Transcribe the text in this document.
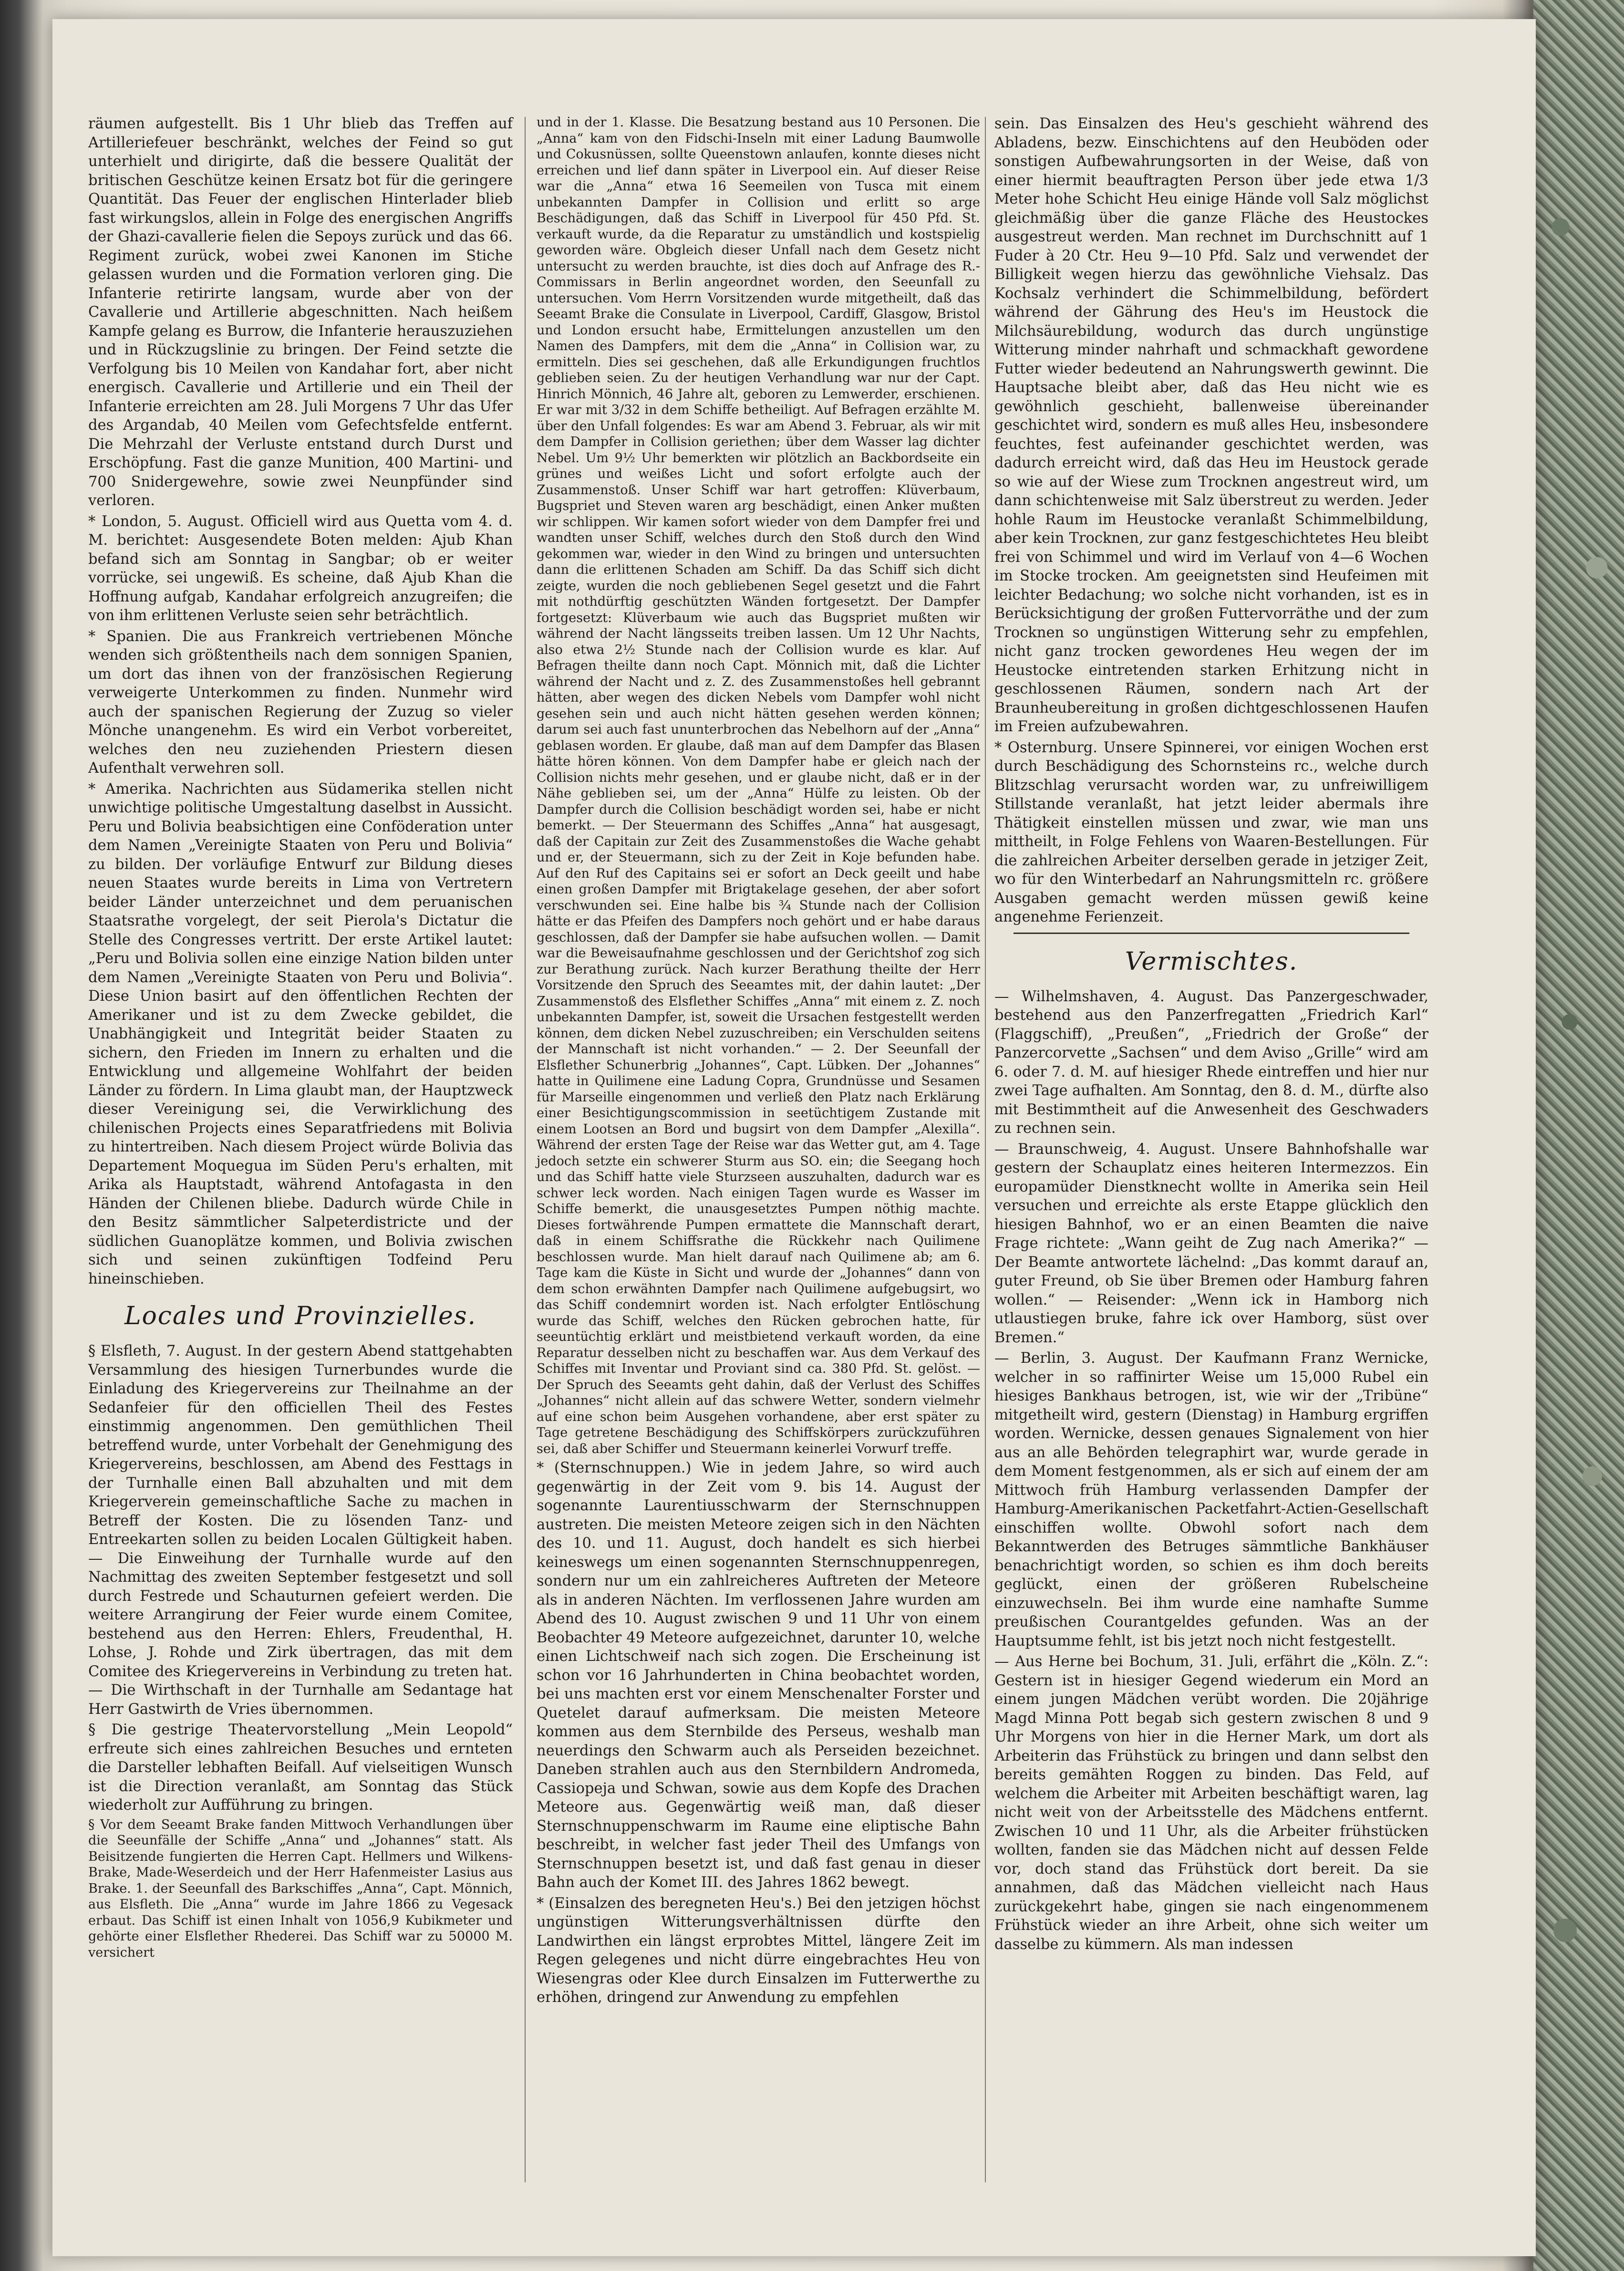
räumen aufgestellt. Bis 1 Uhr blieb das Treffen auf Artilleriefeuer beschränkt, welches der Feind so gut unterhielt und dirigirte, daß die bessere Qualität der britischen Geschütze keinen Ersatz bot für die geringere Quantität. Das Feuer der englischen Hinterlader blieb fast wirkungslos, allein in Folge des energischen Angriffs der Ghazi-cavallerie fielen die Sepoys zurück und das 66. Regiment zurück, wobei zwei Kanonen im Stiche gelassen wurden und die Formation verloren ging. Die Infanterie retirirte langsam, wurde aber von der Cavallerie und Artillerie abgeschnitten. Nach heißem Kampfe gelang es Burrow, die Infanterie herauszuziehen und in Rückzugslinie zu bringen. Der Feind setzte die Verfolgung bis 10 Meilen von Kandahar fort, aber nicht energisch. Cavallerie und Artillerie und ein Theil der Infanterie erreichten am 28. Juli Morgens 7 Uhr das Ufer des Argandab, 40 Meilen vom Gefechtsfelde entfernt. Die Mehrzahl der Verluste entstand durch Durst und Erschöpfung. Fast die ganze Munition, 400 Martini- und 700 Snidergewehre, sowie zwei Neunpfünder sind verloren.

* London, 5. August. Officiell wird aus Quetta vom 4. d. M. berichtet: Ausgesendete Boten melden: Ajub Khan befand sich am Sonntag in Sangbar; ob er weiter vorrücke, sei ungewiß. Es scheine, daß Ajub Khan die Hoffnung aufgab, Kandahar erfolgreich anzugreifen; die von ihm erlittenen Verluste seien sehr beträchtlich.

* Spanien. Die aus Frankreich vertriebenen Mönche wenden sich größtentheils nach dem sonnigen Spanien, um dort das ihnen von der französischen Regierung verweigerte Unterkommen zu finden. Nunmehr wird auch der spanischen Regierung der Zuzug so vieler Mönche unangenehm. Es wird ein Verbot vorbereitet, welches den neu zuziehenden Priestern diesen Aufenthalt verwehren soll.

* Amerika. Nachrichten aus Südamerika stellen nicht unwichtige politische Umgestaltung daselbst in Aussicht. Peru und Bolivia beabsichtigen eine Conföderation unter dem Namen „Vereinigte Staaten von Peru und Bolivia“ zu bilden. Der vorläufige Entwurf zur Bildung dieses neuen Staates wurde bereits in Lima von Vertretern beider Länder unterzeichnet und dem peruanischen Staatsrathe vorgelegt, der seit Pierola's Dictatur die Stelle des Congresses vertritt. Der erste Artikel lautet: „Peru und Bolivia sollen eine einzige Nation bilden unter dem Namen „Vereinigte Staaten von Peru und Bolivia“. Diese Union basirt auf den öffentlichen Rechten der Amerikaner und ist zu dem Zwecke gebildet, die Unabhängigkeit und Integrität beider Staaten zu sichern, den Frieden im Innern zu erhalten und die Entwicklung und allgemeine Wohlfahrt der beiden Länder zu fördern. In Lima glaubt man, der Hauptzweck dieser Vereinigung sei, die Verwirklichung des chilenischen Projects eines Separatfriedens mit Bolivia zu hintertreiben. Nach diesem Project würde Bolivia das Departement Moquegua im Süden Peru's erhalten, mit Arika als Hauptstadt, während Antofagasta in den Händen der Chilenen bliebe. Dadurch würde Chile in den Besitz sämmtlicher Salpeterdistricte und der südlichen Guanoplätze kommen, und Bolivia zwischen sich und seinen zukünftigen Todfeind Peru hineinschieben.

Locales und Provinzielles.

§ Elsfleth, 7. August. In der gestern Abend stattgehabten Versammlung des hiesigen Turnerbundes wurde die Einladung des Kriegervereins zur Theilnahme an der Sedanfeier für den officiellen Theil des Festes einstimmig angenommen. Den gemüthlichen Theil betreffend wurde, unter Vorbehalt der Genehmigung des Kriegervereins, beschlossen, am Abend des Festtags in der Turnhalle einen Ball abzuhalten und mit dem Kriegerverein gemeinschaftliche Sache zu machen in Betreff der Kosten. Die zu lösenden Tanz- und Entreekarten sollen zu beiden Localen Gültigkeit haben. — Die Einweihung der Turnhalle wurde auf den Nachmittag des zweiten September festgesetzt und soll durch Festrede und Schauturnen gefeiert werden. Die weitere Arrangirung der Feier wurde einem Comitee, bestehend aus den Herren: Ehlers, Freudenthal, H. Lohse, J. Rohde und Zirk übertragen, das mit dem Comitee des Kriegervereins in Verbindung zu treten hat. — Die Wirthschaft in der Turnhalle am Sedantage hat Herr Gastwirth de Vries übernommen.

§ Die gestrige Theatervorstellung „Mein Leopold“ erfreute sich eines zahlreichen Besuches und ernteten die Darsteller lebhaften Beifall. Auf vielseitigen Wunsch ist die Direction veranlaßt, am Sonntag das Stück wiederholt zur Aufführung zu bringen.

§ Vor dem Seeamt Brake fanden Mittwoch Verhandlungen über die Seeunfälle der Schiffe „Anna“ und „Johannes“ statt. Als Beisitzende fungierten die Herren Capt. Hellmers und Wilkens-Brake, Made-Weserdeich und der Herr Hafenmeister Lasius aus Brake. 1. der Seeunfall des Barkschiffes „Anna“, Capt. Mönnich, aus Elsfleth. Die „Anna“ wurde im Jahre 1866 zu Vegesack erbaut. Das Schiff ist einen Inhalt von 1056,9 Kubikmeter und gehörte einer Elsflether Rhederei. Das Schiff war zu 50000 M. versichert

und in der 1. Klasse. Die Besatzung bestand aus 10 Personen. Die „Anna“ kam von den Fidschi-Inseln mit einer Ladung Baumwolle und Cokusnüssen, sollte Queenstown anlaufen, konnte dieses nicht erreichen und lief dann später in Liverpool ein. Auf dieser Reise war die „Anna“ etwa 16 Seemeilen von Tusca mit einem unbekannten Dampfer in Collision und erlitt so arge Beschädigungen, daß das Schiff in Liverpool für 450 Pfd. St. verkauft wurde, da die Reparatur zu umständlich und kostspielig geworden wäre. Obgleich dieser Unfall nach dem Gesetz nicht untersucht zu werden brauchte, ist dies doch auf Anfrage des R.-Commissars in Berlin angeordnet worden, den Seeunfall zu untersuchen. Vom Herrn Vorsitzenden wurde mitgetheilt, daß das Seeamt Brake die Consulate in Liverpool, Cardiff, Glasgow, Bristol und London ersucht habe, Ermittelungen anzustellen um den Namen des Dampfers, mit dem die „Anna“ in Collision war, zu ermitteln. Dies sei geschehen, daß alle Erkundigungen fruchtlos geblieben seien. Zu der heutigen Verhandlung war nur der Capt. Hinrich Mönnich, 46 Jahre alt, geboren zu Lemwerder, erschienen. Er war mit 3/32 in dem Schiffe betheiligt. Auf Befragen erzählte M. über den Unfall folgendes: Es war am Abend 3. Februar, als wir mit dem Dampfer in Collision geriethen; über dem Wasser lag dichter Nebel. Um 9½ Uhr bemerkten wir plötzlich an Backbordseite ein grünes und weißes Licht und sofort erfolgte auch der Zusammenstoß. Unser Schiff war hart getroffen: Klüverbaum, Bugspriet und Steven waren arg beschädigt, einen Anker mußten wir schlippen. Wir kamen sofort wieder von dem Dampfer frei und wandten unser Schiff, welches durch den Stoß durch den Wind gekommen war, wieder in den Wind zu bringen und untersuchten dann die erlittenen Schaden am Schiff. Da das Schiff sich dicht zeigte, wurden die noch gebliebenen Segel gesetzt und die Fahrt mit nothdürftig geschützten Wänden fortgesetzt. Der Dampfer fortgesetzt: Klüverbaum wie auch das Bugspriet mußten wir während der Nacht längsseits treiben lassen. Um 12 Uhr Nachts, also etwa 2½ Stunde nach der Collision wurde es klar. Auf Befragen theilte dann noch Capt. Mönnich mit, daß die Lichter während der Nacht und z. Z. des Zusammenstoßes hell gebrannt hätten, aber wegen des dicken Nebels vom Dampfer wohl nicht gesehen sein und auch nicht hätten gesehen werden können; darum sei auch fast ununterbrochen das Nebelhorn auf der „Anna“ geblasen worden. Er glaube, daß man auf dem Dampfer das Blasen hätte hören können. Von dem Dampfer habe er gleich nach der Collision nichts mehr gesehen, und er glaube nicht, daß er in der Nähe geblieben sei, um der „Anna“ Hülfe zu leisten. Ob der Dampfer durch die Collision beschädigt worden sei, habe er nicht bemerkt. — Der Steuermann des Schiffes „Anna“ hat ausgesagt, daß der Capitain zur Zeit des Zusammenstoßes die Wache gehabt und er, der Steuermann, sich zu der Zeit in Koje befunden habe. Auf den Ruf des Capitains sei er sofort an Deck geeilt und habe einen großen Dampfer mit Brigtakelage gesehen, der aber sofort verschwunden sei. Eine halbe bis ¾ Stunde nach der Collision hätte er das Pfeifen des Dampfers noch gehört und er habe daraus geschlossen, daß der Dampfer sie habe aufsuchen wollen. — Damit war die Beweisaufnahme geschlossen und der Gerichtshof zog sich zur Berathung zurück. Nach kurzer Berathung theilte der Herr Vorsitzende den Spruch des Seeamtes mit, der dahin lautet: „Der Zusammenstoß des Elsflether Schiffes „Anna“ mit einem z. Z. noch unbekannten Dampfer, ist, soweit die Ursachen festgestellt werden können, dem dicken Nebel zuzuschreiben; ein Verschulden seitens der Mannschaft ist nicht vorhanden.“ — 2. Der Seeunfall der Elsflether Schunerbrig „Johannes“, Capt. Lübken. Der „Johannes“ hatte in Quilimene eine Ladung Copra, Grundnüsse und Sesamen für Marseille eingenommen und verließ den Platz nach Erklärung einer Besichtigungscommission in seetüchtigem Zustande mit einem Lootsen an Bord und bugsirt von dem Dampfer „Alexilla“. Während der ersten Tage der Reise war das Wetter gut, am 4. Tage jedoch setzte ein schwerer Sturm aus SO. ein; die Seegang hoch und das Schiff hatte viele Sturzseen auszuhalten, dadurch war es schwer leck worden. Nach einigen Tagen wurde es Wasser im Schiffe bemerkt, die unausgesetztes Pumpen nöthig machte. Dieses fortwährende Pumpen ermattete die Mannschaft derart, daß in einem Schiffsrathe die Rückkehr nach Quilimene beschlossen wurde. Man hielt darauf nach Quilimene ab; am 6. Tage kam die Küste in Sicht und wurde der „Johannes“ dann von dem schon erwähnten Dampfer nach Quilimene aufgebugsirt, wo das Schiff condemnirt worden ist. Nach erfolgter Entlöschung wurde das Schiff, welches den Rücken gebrochen hatte, für seeuntüchtig erklärt und meistbietend verkauft worden, da eine Reparatur desselben nicht zu beschaffen war. Aus dem Verkauf des Schiffes mit Inventar und Proviant sind ca. 380 Pfd. St. gelöst. — Der Spruch des Seeamts geht dahin, daß der Verlust des Schiffes „Johannes“ nicht allein auf das schwere Wetter, sondern vielmehr auf eine schon beim Ausgehen vorhandene, aber erst später zu Tage getretene Beschädigung des Schiffskörpers zurückzuführen sei, daß aber Schiffer und Steuermann keinerlei Vorwurf treffe.

* (Sternschnuppen.) Wie in jedem Jahre, so wird auch gegenwärtig in der Zeit vom 9. bis 14. August der sogenannte Laurentiusschwarm der Sternschnuppen austreten. Die meisten Meteore zeigen sich in den Nächten des 10. und 11. August, doch handelt es sich hierbei keineswegs um einen sogenannten Sternschnuppenregen, sondern nur um ein zahlreicheres Auftreten der Meteore als in anderen Nächten. Im verflossenen Jahre wurden am Abend des 10. August zwischen 9 und 11 Uhr von einem Beobachter 49 Meteore aufgezeichnet, darunter 10, welche einen Lichtschweif nach sich zogen. Die Erscheinung ist schon vor 16 Jahrhunderten in China beobachtet worden, bei uns machten erst vor einem Menschenalter Forster und Quetelet darauf aufmerksam. Die meisten Meteore kommen aus dem Sternbilde des Perseus, weshalb man neuerdings den Schwarm auch als Perseiden bezeichnet. Daneben strahlen auch aus den Sternbildern Andromeda, Cassiopeja und Schwan, sowie aus dem Kopfe des Drachen Meteore aus. Gegenwärtig weiß man, daß dieser Sternschnuppenschwarm im Raume eine eliptische Bahn beschreibt, in welcher fast jeder Theil des Umfangs von Sternschnuppen besetzt ist, und daß fast genau in dieser Bahn auch der Komet III. des Jahres 1862 bewegt.

* (Einsalzen des beregneten Heu's.) Bei den jetzigen höchst ungünstigen Witterungsverhältnissen dürfte den Landwirthen ein längst erprobtes Mittel, längere Zeit im Regen gelegenes und nicht dürre eingebrachtes Heu von Wiesengras oder Klee durch Einsalzen im Futterwerthe zu erhöhen, dringend zur Anwendung zu empfehlen

sein. Das Einsalzen des Heu's geschieht während des Abladens, bezw. Einschichtens auf den Heuböden oder sonstigen Aufbewahrungsorten in der Weise, daß von einer hiermit beauftragten Person über jede etwa 1/3 Meter hohe Schicht Heu einige Hände voll Salz möglichst gleichmäßig über die ganze Fläche des Heustockes ausgestreut werden. Man rechnet im Durchschnitt auf 1 Fuder à 20 Ctr. Heu 9—10 Pfd. Salz und verwendet der Billigkeit wegen hierzu das gewöhnliche Viehsalz. Das Kochsalz verhindert die Schimmelbildung, befördert während der Gährung des Heu's im Heustock die Milchsäurebildung, wodurch das durch ungünstige Witterung minder nahrhaft und schmackhaft gewordene Futter wieder bedeutend an Nahrungswerth gewinnt. Die Hauptsache bleibt aber, daß das Heu nicht wie es gewöhnlich geschieht, ballenweise übereinander geschichtet wird, sondern es muß alles Heu, insbesondere feuchtes, fest aufeinander geschichtet werden, was dadurch erreicht wird, daß das Heu im Heustock gerade so wie auf der Wiese zum Trocknen angestreut wird, um dann schichtenweise mit Salz überstreut zu werden. Jeder hohle Raum im Heustocke veranlaßt Schimmelbildung, aber kein Trocknen, zur ganz festgeschichtetes Heu bleibt frei von Schimmel und wird im Verlauf von 4—6 Wochen im Stocke trocken. Am geeignetsten sind Heufeimen mit leichter Bedachung; wo solche nicht vorhanden, ist es in Berücksichtigung der großen Futtervorräthe und der zum Trocknen so ungünstigen Witterung sehr zu empfehlen, nicht ganz trocken gewordenes Heu wegen der im Heustocke eintretenden starken Erhitzung nicht in geschlossenen Räumen, sondern nach Art der Braunheubereitung in großen dichtgeschlossenen Haufen im Freien aufzubewahren.

* Osternburg. Unsere Spinnerei, vor einigen Wochen erst durch Beschädigung des Schornsteins rc., welche durch Blitzschlag verursacht worden war, zu unfreiwilligem Stillstande veranlaßt, hat jetzt leider abermals ihre Thätigkeit einstellen müssen und zwar, wie man uns mittheilt, in Folge Fehlens von Waaren-Bestellungen. Für die zahlreichen Arbeiter derselben gerade in jetziger Zeit, wo für den Winterbedarf an Nahrungsmitteln rc. größere Ausgaben gemacht werden müssen gewiß keine angenehme Ferienzeit.

Vermischtes.

— Wilhelmshaven, 4. August. Das Panzergeschwader, bestehend aus den Panzerfregatten „Friedrich Karl“ (Flaggschiff), „Preußen“, „Friedrich der Große“ der Panzercorvette „Sachsen“ und dem Aviso „Grille“ wird am 6. oder 7. d. M. auf hiesiger Rhede eintreffen und hier nur zwei Tage aufhalten. Am Sonntag, den 8. d. M., dürfte also mit Bestimmtheit auf die Anwesenheit des Geschwaders zu rechnen sein.

— Braunschweig, 4. August. Unsere Bahnhofshalle war gestern der Schauplatz eines heiteren Intermezzos. Ein europamüder Dienstknecht wollte in Amerika sein Heil versuchen und erreichte als erste Etappe glücklich den hiesigen Bahnhof, wo er an einen Beamten die naive Frage richtete: „Wann geiht de Zug nach Amerika?“ — Der Beamte antwortete lächelnd: „Das kommt darauf an, guter Freund, ob Sie über Bremen oder Hamburg fahren wollen.“ — Reisender: „Wenn ick in Hamborg nich utlaustiegen bruke, fahre ick over Hamborg, süst over Bremen.“

— Berlin, 3. August. Der Kaufmann Franz Wernicke, welcher in so raffinirter Weise um 15,000 Rubel ein hiesiges Bankhaus betrogen, ist, wie wir der „Tribüne“ mitgetheilt wird, gestern (Dienstag) in Hamburg ergriffen worden. Wernicke, dessen genaues Signalement von hier aus an alle Behörden telegraphirt war, wurde gerade in dem Moment festgenommen, als er sich auf einem der am Mittwoch früh Hamburg verlassenden Dampfer der Hamburg-Amerikanischen Packetfahrt-Actien-Gesellschaft einschiffen wollte. Obwohl sofort nach dem Bekanntwerden des Betruges sämmtliche Bankhäuser benachrichtigt worden, so schien es ihm doch bereits geglückt, einen der größeren Rubelscheine einzuwechseln. Bei ihm wurde eine namhafte Summe preußischen Courantgeldes gefunden. Was an der Hauptsumme fehlt, ist bis jetzt noch nicht festgestellt.

— Aus Herne bei Bochum, 31. Juli, erfährt die „Köln. Z.“: Gestern ist in hiesiger Gegend wiederum ein Mord an einem jungen Mädchen verübt worden. Die 20jährige Magd Minna Pott begab sich gestern zwischen 8 und 9 Uhr Morgens von hier in die Herner Mark, um dort als Arbeiterin das Frühstück zu bringen und dann selbst den bereits gemähten Roggen zu binden. Das Feld, auf welchem die Arbeiter mit Arbeiten beschäftigt waren, lag nicht weit von der Arbeitsstelle des Mädchens entfernt. Zwischen 10 und 11 Uhr, als die Arbeiter frühstücken wollten, fanden sie das Mädchen nicht auf dessen Felde vor, doch stand das Frühstück dort bereit. Da sie annahmen, daß das Mädchen vielleicht nach Haus zurückgekehrt habe, gingen sie nach eingenommenem Frühstück wieder an ihre Arbeit, ohne sich weiter um dasselbe zu kümmern. Als man indessen
